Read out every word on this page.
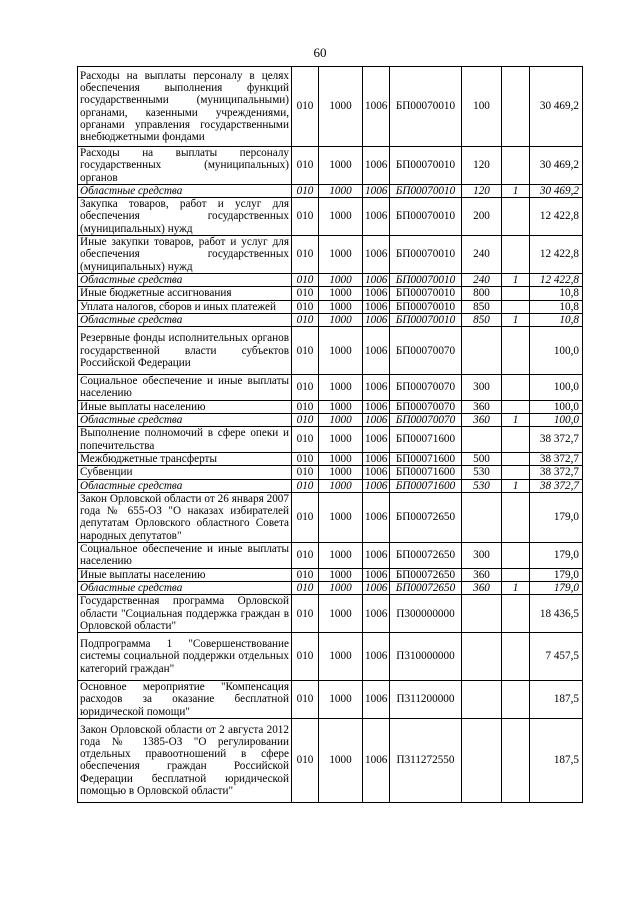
60
Расходы на выплаты персоналу в целях обеспечения выполнения функций государственными (муниципальными) органами, казенными учреждениями, органами управления государственными внебюджетными фондами	010	1000	1006	БП00070010	100		30 469,2
Расходы на выплаты персоналу государственных (муниципальных) органов	010	1000	1006	БП00070010	120		30 469,2
Областные средства	010	1000	1006	БП00070010	120	1	30 469,2
Закупка товаров, работ и услуг для обеспечения государственных (муниципальных) нужд	010	1000	1006	БП00070010	200		12 422,8
Иные закупки товаров, работ и услуг для обеспечения государственных (муниципальных) нужд	010	1000	1006	БП00070010	240		12 422,8
Областные средства	010	1000	1006	БП00070010	240	1	12 422,8
Иные бюджетные ассигнования	010	1000	1006	БП00070010	800		10,8
Уплата налогов, сборов и иных платежей	010	1000	1006	БП00070010	850		10,8
Областные средства	010	1000	1006	БП00070010	850	1	10,8
Резервные фонды исполнительных органов государственной власти субъектов Российской Федерации	010	1000	1006	БП00070070			100,0
Социальное обеспечение и иные выплаты населению	010	1000	1006	БП00070070	300		100,0
Иные выплаты населению	010	1000	1006	БП00070070	360		100,0
Областные средства	010	1000	1006	БП00070070	360	1	100,0
Выполнение полномочий в сфере опеки и попечительства	010	1000	1006	БП00071600			38 372,7
Межбюджетные трансферты	010	1000	1006	БП00071600	500		38 372,7
Субвенции	010	1000	1006	БП00071600	530		38 372,7
Областные средства	010	1000	1006	БП00071600	530	1	38 372,7
Закон Орловской области от 26 января 2007 года № 655-ОЗ "О наказах избирателей депутатам Орловского областного Совета народных депутатов"	010	1000	1006	БП00072650			179,0
Социальное обеспечение и иные выплаты населению	010	1000	1006	БП00072650	300		179,0
Иные выплаты населению	010	1000	1006	БП00072650	360		179,0
Областные средства	010	1000	1006	БП00072650	360	1	179,0
Государственная программа Орловской области "Социальная поддержка граждан в Орловской области"	010	1000	1006	П300000000			18 436,5
Подпрограмма 1 "Совершенствование системы социальной поддержки отдельных категорий граждан"	010	1000	1006	П310000000			7 457,5
Основное мероприятие "Компенсация расходов за оказание бесплатной юридической помощи"	010	1000	1006	П311200000			187,5
Закон Орловской области от 2 августа 2012 года № 1385-ОЗ "О регулировании отдельных правоотношений в сфере обеспечения граждан Российской Федерации бесплатной юридической помощью в Орловской области"	010	1000	1006	П311272550			187,5
